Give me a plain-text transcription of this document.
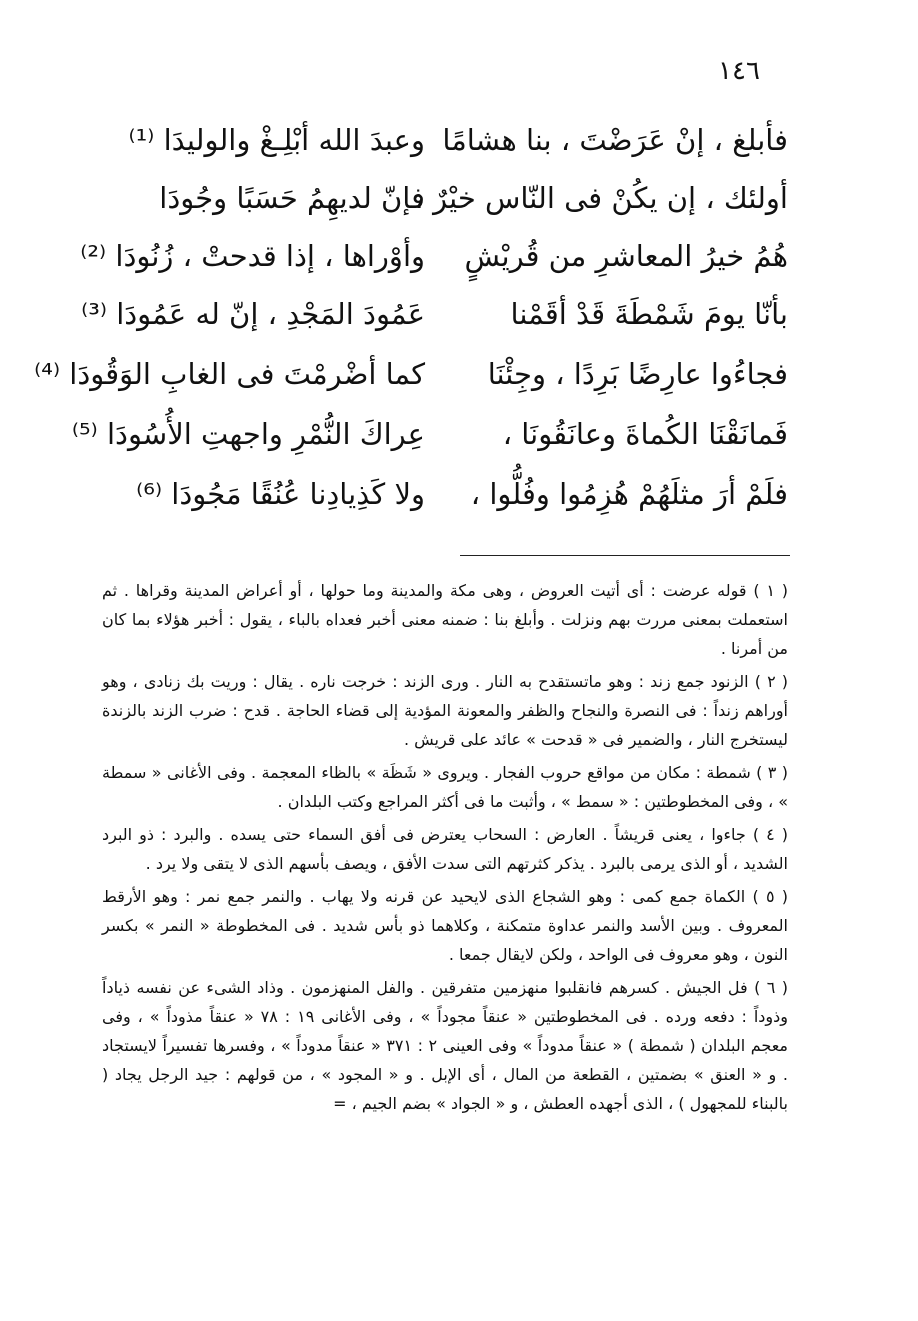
١٤٦
فأبلغ ، إنْ عَرَضْتَ ، بنا هشامًا
وعبدَ الله أبْلِـغْ والوليدَا ⁽¹⁾
أولئك ، إن يكُنْ فى النّاس خيْرٌ ،
فإنّ لديهِمُ حَسَبًا وجُودَا
هُمُ خيرُ المعاشرِ من قُريْشٍ
وأوْراها ، إذا قدحتْ ، زُنُودَا ⁽²⁾
بأنّا يومَ شَمْطَةَ قَدْ أقَمْنا
عَمُودَ المَجْدِ ، إنّ له عَمُودَا ⁽³⁾
فجاءُوا عارِضًا بَرِدًا ، وجِئْنَا
كما أضْرمْتَ فى الغابِ الوَقُودَا ⁽⁴⁾
فَمانَقْنَا الكُماةَ وعانَقُونَا ،
عِراكَ النُّمْرِ واجهتِ الأُسُودَا ⁽⁵⁾
فلَمْ أرَ مثلَهُمْ هُزِمُوا وفُلُّوا ،
ولا كَذِيادِنا عُنُقًا مَجُودَا ⁽⁶⁾
( ١ ) قوله عرضت : أى أتيت العروض ، وهى مكة والمدينة وما حولها ، أو أعراض المدينة وقراها . ثم استعملت بمعنى مررت بهم ونزلت . وأبلغ بنا : ضمنه معنى أخبر فعداه بالباء ، يقول : أخبر هؤلاء بما كان من أمرنا .
( ٢ ) الزنود جمع زند : وهو ماتستقدح به النار . ورى الزند : خرجت ناره . يقال : وريت بك زنادى ، وهو أوراهم زنداً : فى النصرة والنجاح والظفر والمعونة المؤدية إلى قضاء الحاجة . قدح : ضرب الزند بالزندة ليستخرج النار ، والضمير فى « قدحت » عائد على قريش .
( ٣ ) شمطة : مكان من مواقع حروب الفجار . ويروى « شَظَة » بالظاء المعجمة . وفى الأغانى « سمطة » ، وفى المخطوطتين : « سمط » ، وأثبت ما فى أكثر المراجع وكتب البلدان .
( ٤ ) جاءوا ، يعنى قريشاً . العارض : السحاب يعترض فى أفق السماء حتى يسده . والبرد : ذو البرد الشديد ، أو الذى يرمى بالبرد . يذكر كثرتهم التى سدت الأفق ، ويصف بأسهم الذى لا يتقى ولا يرد .
( ٥ ) الكماة جمع كمى : وهو الشجاع الذى لايحيد عن قرنه ولا يهاب . والنمر جمع نمر : وهو الأرقط المعروف . وبين الأسد والنمر عداوة متمكنة ، وكلاهما ذو بأس شديد . فى المخطوطة « النمر » بكسر النون ، وهو معروف فى الواحد ، ولكن لايقال جمعا .
( ٦ ) فل الجيش . كسرهم فانقلبوا منهزمين متفرقين . والفل المنهزمون . وذاد الشىء عن نفسه ذياداً وذوداً : دفعه ورده . فى المخطوطتين « عنقاً مجوداً » ، وفى الأغانى ١٩ : ٧٨ « عنقاً مذوداً » ، وفى معجم البلدان ( شمطة ) « عنقاً مدوداً » وفى العينى ٢ : ٣٧١ « عنقاً مدوداً » ، وفسرها تفسيراً لايستجاد . و « العنق » بضمتين ، القطعة من المال ، أى الإبل . و « المجود » ، من قولهم : جيد الرجل يجاد ( بالبناء للمجهول ) ، الذى أجهده العطش ، و « الجواد » بضم الجيم ، =
